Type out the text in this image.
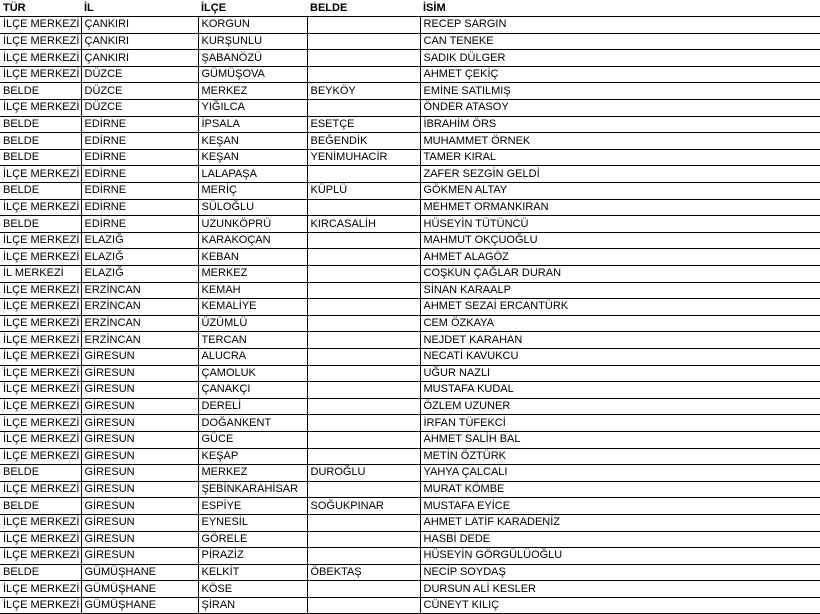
TÜR	İL	İLÇE	BELDE	İSİM
İLÇE MERKEZİ	ÇANKIRI	KORGUN		RECEP SARGIN
İLÇE MERKEZİ	ÇANKIRI	KURŞUNLU		CAN TENEKE
İLÇE MERKEZİ	ÇANKIRI	ŞABANÖZÜ		SADIK DÜLGER
İLÇE MERKEZİ	DÜZCE	GÜMÜŞOVA		AHMET ÇEKİÇ
BELDE	DÜZCE	MERKEZ	BEYKÖY	EMİNE SATILMIŞ
İLÇE MERKEZİ	DÜZCE	YIĞILCA		ÖNDER ATASOY
BELDE	EDİRNE	İPSALA	ESETÇE	İBRAHİM ÖRS
BELDE	EDİRNE	KEŞAN	BEĞENDİK	MUHAMMET ÖRNEK
BELDE	EDİRNE	KEŞAN	YENİMUHACİR	TAMER KIRAL
İLÇE MERKEZİ	EDİRNE	LALAPAŞA		ZAFER SEZGİN GELDİ
BELDE	EDİRNE	MERİÇ	KÜPLÜ	GÖKMEN ALTAY
İLÇE MERKEZİ	EDİRNE	SÜLOĞLU		MEHMET ORMANKIRAN
BELDE	EDİRNE	UZUNKÖPRÜ	KIRCASALİH	HÜSEYİN TÜTÜNCÜ
İLÇE MERKEZİ	ELAZIĞ	KARAKOÇAN		MAHMUT OKÇUOĞLU
İLÇE MERKEZİ	ELAZIĞ	KEBAN		AHMET ALAGÖZ
İL MERKEZİ	ELAZIĞ	MERKEZ		COŞKUN ÇAĞLAR DURAN
İLÇE MERKEZİ	ERZİNCAN	KEMAH		SİNAN KARAALP
İLÇE MERKEZİ	ERZİNCAN	KEMALİYE		AHMET SEZAİ ERCANTÜRK
İLÇE MERKEZİ	ERZİNCAN	ÜZÜMLÜ		CEM ÖZKAYA
İLÇE MERKEZİ	ERZİNCAN	TERCAN		NEJDET KARAHAN
İLÇE MERKEZİ	GİRESUN	ALUCRA		NECATİ KAVUKCU
İLÇE MERKEZİ	GİRESUN	ÇAMOLUK		UĞUR NAZLI
İLÇE MERKEZİ	GİRESUN	ÇANAKÇI		MUSTAFA KUDAL
İLÇE MERKEZİ	GİRESUN	DERELİ		ÖZLEM UZUNER
İLÇE MERKEZİ	GİRESUN	DOĞANKENT		İRFAN TÜFEKCİ
İLÇE MERKEZİ	GİRESUN	GÜCE		AHMET SALİH BAL
İLÇE MERKEZİ	GİRESUN	KEŞAP		METİN ÖZTÜRK
BELDE	GİRESUN	MERKEZ	DUROĞLU	YAHYA ÇALCALI
İLÇE MERKEZİ	GİRESUN	ŞEBİNKARAHİSAR		MURAT KÖMBE
BELDE	GİRESUN	ESPİYE	SOĞUKPINAR	MUSTAFA EYİCE
İLÇE MERKEZİ	GİRESUN	EYNESİL		AHMET LATİF KARADENİZ
İLÇE MERKEZİ	GİRESUN	GÖRELE		HASBİ DEDE
İLÇE MERKEZİ	GİRESUN	PİRAZİZ		HÜSEYİN GÖRGÜLÜOĞLU
BELDE	GÜMÜŞHANE	KELKİT	ÖBEKTAŞ	NECİP SOYDAŞ
İLÇE MERKEZİ	GÜMÜŞHANE	KÖSE		DURSUN ALİ KESLER
İLÇE MERKEZİ	GÜMÜŞHANE	ŞİRAN		CÜNEYT KILIÇ
